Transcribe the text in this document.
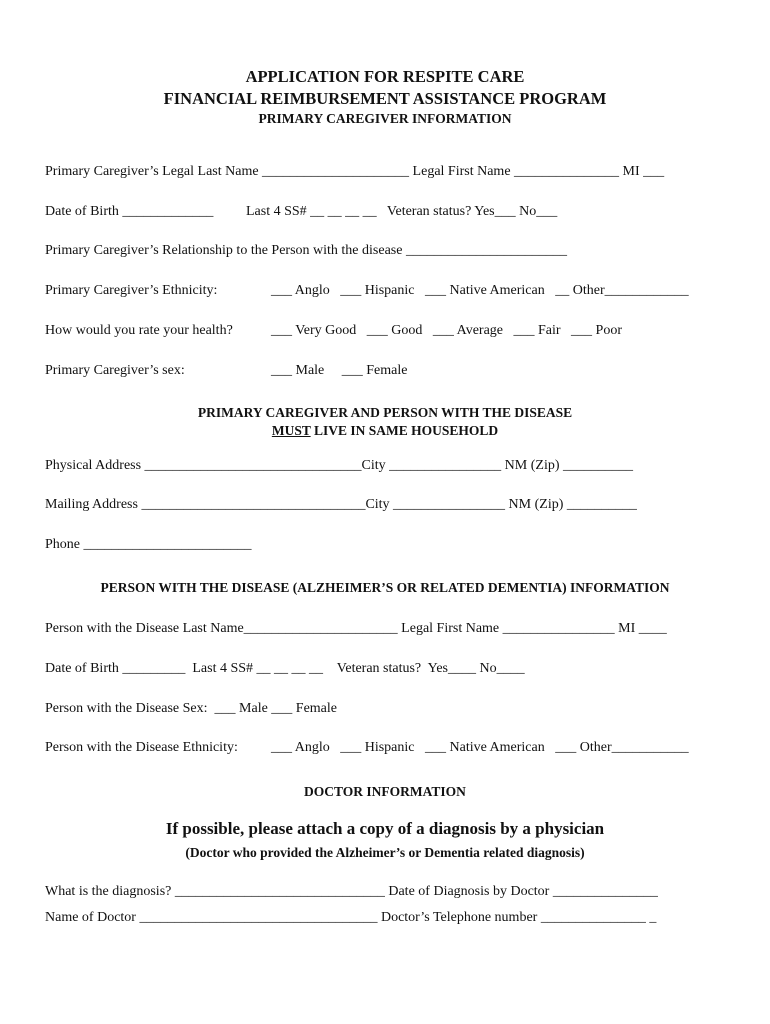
APPLICATION FOR RESPITE CARE
FINANCIAL REIMBURSEMENT ASSISTANCE PROGRAM
PRIMARY CAREGIVER INFORMATION
Primary Caregiver’s Legal Last Name _____________________ Legal First Name _______________ MI ___
Date of Birth _____________ Last 4 SS# __ __ __ __   Veteran status? Yes___ No___
Primary Caregiver’s Relationship to the Person with the disease _______________________
Primary Caregiver’s Ethnicity:	___ Anglo   ___ Hispanic   ___ Native American   __ Other____________
How would you rate your health?	___ Very Good   ___ Good   ___ Average   ___ Fair   ___ Poor
Primary Caregiver’s sex:	___ Male     ___ Female
PRIMARY CAREGIVER AND PERSON WITH THE DISEASE
MUST LIVE IN SAME HOUSEHOLD
Physical Address _______________________________City ________________ NM (Zip) __________
Mailing Address ________________________________City ________________ NM (Zip) __________
Phone ________________________
PERSON WITH THE DISEASE (ALZHEIMER’S OR RELATED DEMENTIA) INFORMATION
Person with the Disease Last Name______________________ Legal First Name ________________ MI ____
Date of Birth _________  Last 4 SS# __ __ __ __    Veteran status?  Yes____ No____
Person with the Disease Sex:  ___ Male ___ Female
Person with the Disease Ethnicity: ___ Anglo   ___ Hispanic   ___ Native American   ___ Other___________
DOCTOR INFORMATION
If possible, please attach a copy of a diagnosis by a physician
(Doctor who provided the Alzheimer’s or Dementia related diagnosis)
What is the diagnosis? ______________________________ Date of Diagnosis by Doctor _______________
Name of Doctor __________________________________ Doctor’s Telephone number _______________ _
